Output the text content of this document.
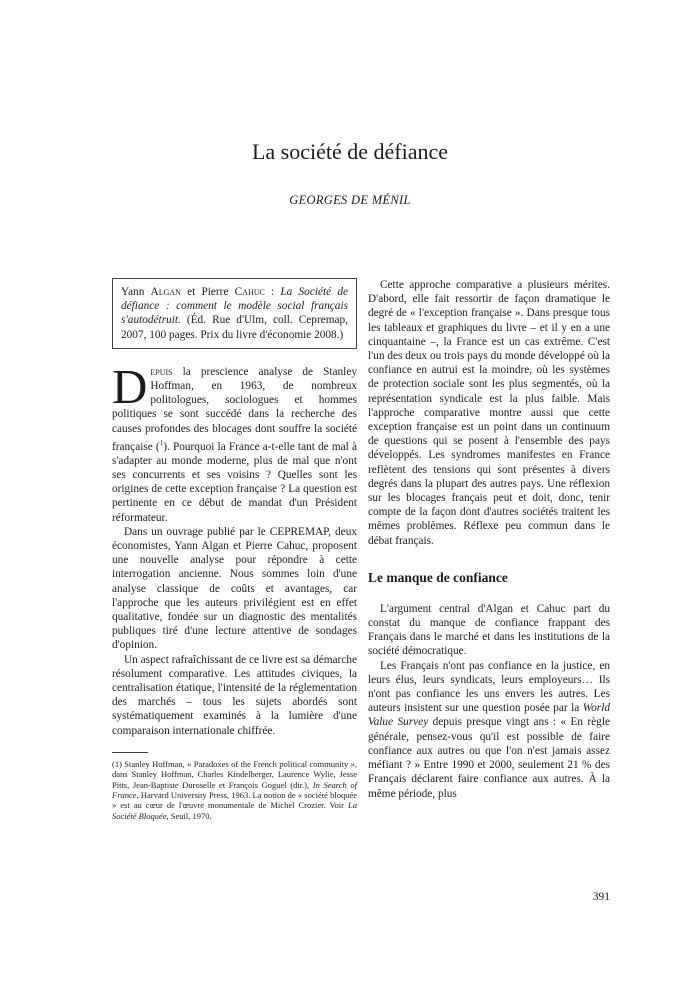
La société de défiance
GEORGES DE MÉNIL

Yann Algan et Pierre Cahuc : La Société de défiance : comment le modèle social français s'autodétruit. (Éd. Rue d'Ulm, coll. Cepremap, 2007, 100 pages. Prix du livre d'économie 2008.)

Depuis la prescience analyse de Stanley Hoffman, en 1963, de nombreux politologues, sociologues et hommes politiques se sont succédé dans la recherche des causes profondes des blocages dont souffre la société française ($^1$). Pourquoi la France a-t-elle tant de mal à s'adapter au monde moderne, plus de mal que n'ont ses concurrents et ses voisins ? Quelles sont les origines de cette exception française ? La question est pertinente en ce début de mandat d'un Président réformateur.

Dans un ouvrage publié par le CEPREMAP, deux économistes, Yann Algan et Pierre Cahuc, proposent une nouvelle analyse pour répondre à cette interrogation ancienne. Nous sommes loin d'une analyse classique de coûts et avantages, car l'approche que les auteurs privilégient est en effet qualitative, fondée sur un diagnostic des mentalités publiques tiré d'une lecture attentive de sondages d'opinion.

Un aspect rafraîchissant de ce livre est sa démarche résolument comparative. Les attitudes civiques, la centralisation étatique, l'intensité de la réglementation des marchés – tous les sujets abordés sont systématiquement examinés à la lumière d'une comparaison internationale chiffrée.

(1) Stanley Hoffman, « Paradoxes of the French political community », dans Stanley Hoffman, Charles Kindelberger, Laurence Wylie, Jesse Pitts, Jean-Baptiste Duroselle et François Goguel (dir.), In Search of France, Harvard University Press, 1963. La notion de « société bloquée » est au cœur de l'œuvre monumentale de Michel Crozier. Voir La Société Bloquée, Seuil, 1970.

Cette approche comparative a plusieurs mérites. D'abord, elle fait ressortir de façon dramatique le degré de « l'exception française ». Dans presque tous les tableaux et graphiques du livre – et il y en a une cinquantaine –, la France est un cas extrême. C'est l'un des deux ou trois pays du monde développé où la confiance en autrui est la moindre, où les systèmes de protection sociale sont les plus segmentés, où la représentation syndicale est la plus faible. Mais l'approche comparative montre aussi que cette exception française est un point dans un continuum de questions qui se posent à l'ensemble des pays développés. Les syndromes manifestes en France reflètent des tensions qui sont présentes à divers degrés dans la plupart des autres pays. Une réflexion sur les blocages français peut et doit, donc, tenir compte de la façon dont d'autres sociétés traitent les mêmes problèmes. Réflexe peu commun dans le débat français.

Le manque de confiance

L'argument central d'Algan et Cahuc part du constat du manque de confiance frappant des Français dans le marché et dans les institutions de la société démocratique.

Les Français n'ont pas confiance en la justice, en leurs élus, leurs syndicats, leurs employeurs… Ils n'ont pas confiance les uns envers les autres. Les auteurs insistent sur une question posée par la World Value Survey depuis presque vingt ans : « En règle générale, pensez-vous qu'il est possible de faire confiance aux autres ou que l'on n'est jamais assez méfiant ? » Entre 1990 et 2000, seulement 21 % des Français déclarent faire confiance aux autres. À la même période, plus

391
